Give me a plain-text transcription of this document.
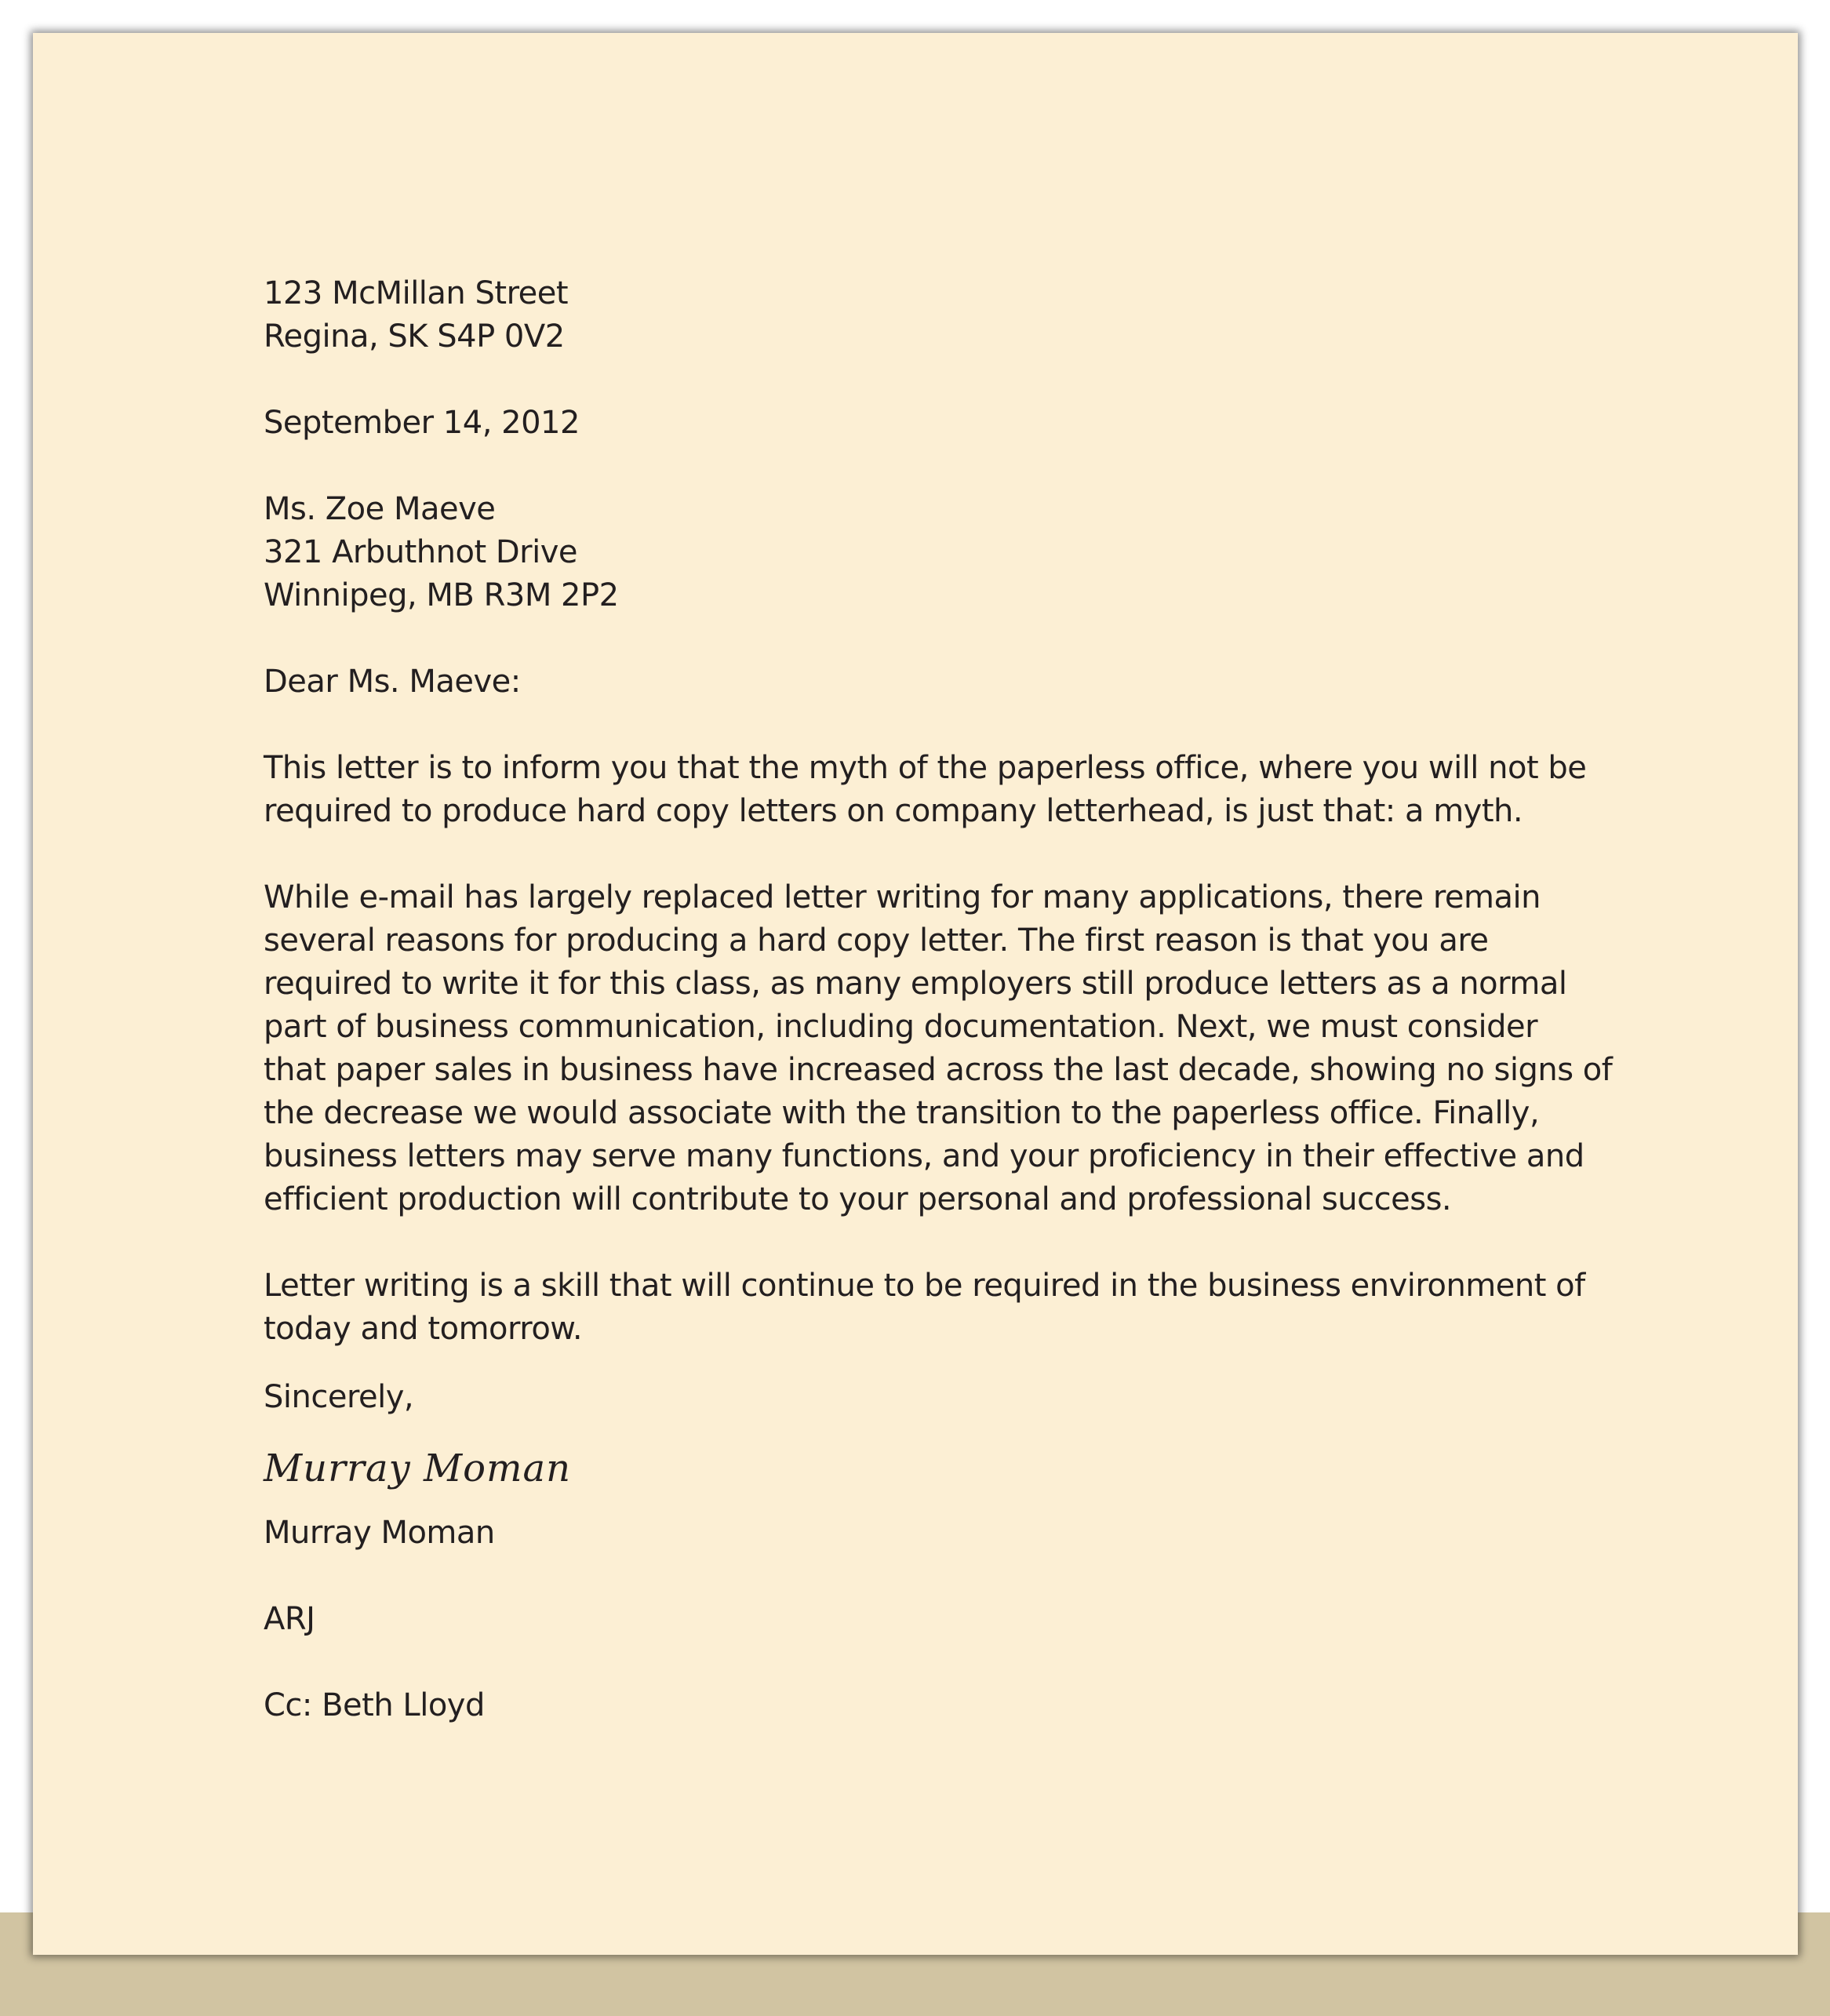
123 McMillan Street
Regina, SK S4P 0V2
September 14, 2012
Ms. Zoe Maeve
321 Arbuthnot Drive
Winnipeg, MB R3M 2P2
Dear Ms. Maeve:
This letter is to inform you that the myth of the paperless office, where you will not be
required to produce hard copy letters on company letterhead, is just that: a myth.
While e-mail has largely replaced letter writing for many applications, there remain
several reasons for producing a hard copy letter. The first reason is that you are
required to write it for this class, as many employers still produce letters as a normal
part of business communication, including documentation. Next, we must consider
that paper sales in business have increased across the last decade, showing no signs of
the decrease we would associate with the transition to the paperless office. Finally,
business letters may serve many functions, and your proficiency in their effective and
efficient production will contribute to your personal and professional success.
Letter writing is a skill that will continue to be required in the business environment of
today and tomorrow.
Sincerely,
Murray Moman
Murray Moman
ARJ
Cc: Beth Lloyd
